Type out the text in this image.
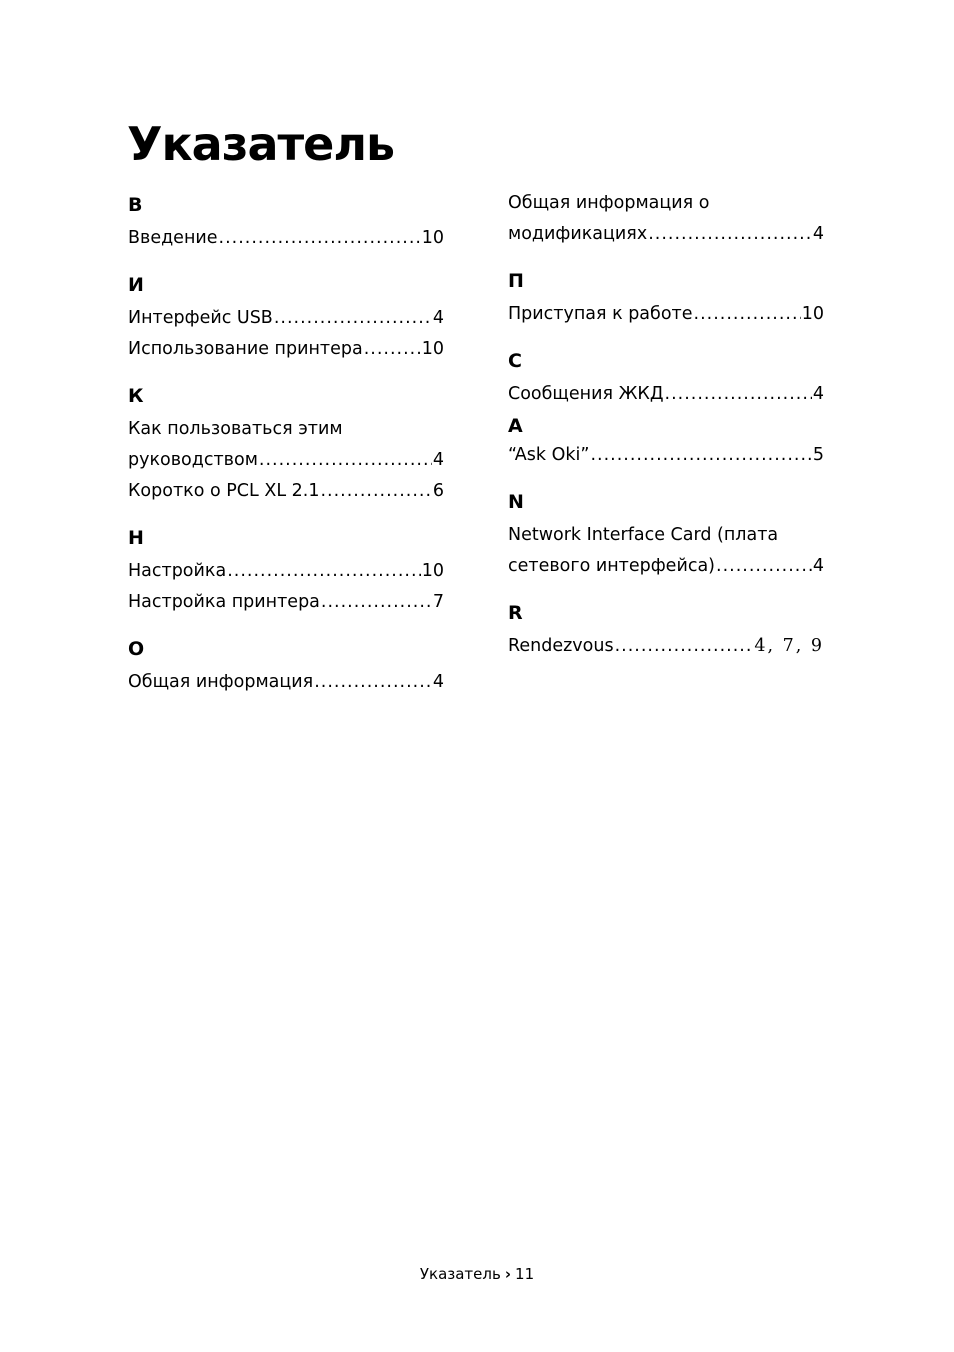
Указатель
В
Введение .....	10
И
Интерфейс USB .....	4
Использование принтера .....	10
К
Как пользоваться этим
руководством .....	4
Коротко о PCL XL 2.1 .....	6
Н
Настройка .....	10
Настройка принтера .....	7
О
Общая информация .....	4
Общая информация о
модификациях .....	4
П
Приступая к работе .....	10
С
Сообщения ЖКД .....	4
A
“Ask Oki” .....	5
N
Network Interface Card (плата
сетевого интерфейса) .....	4
R
Rendezvous .....	4, 7, 9
Указатель › 11
